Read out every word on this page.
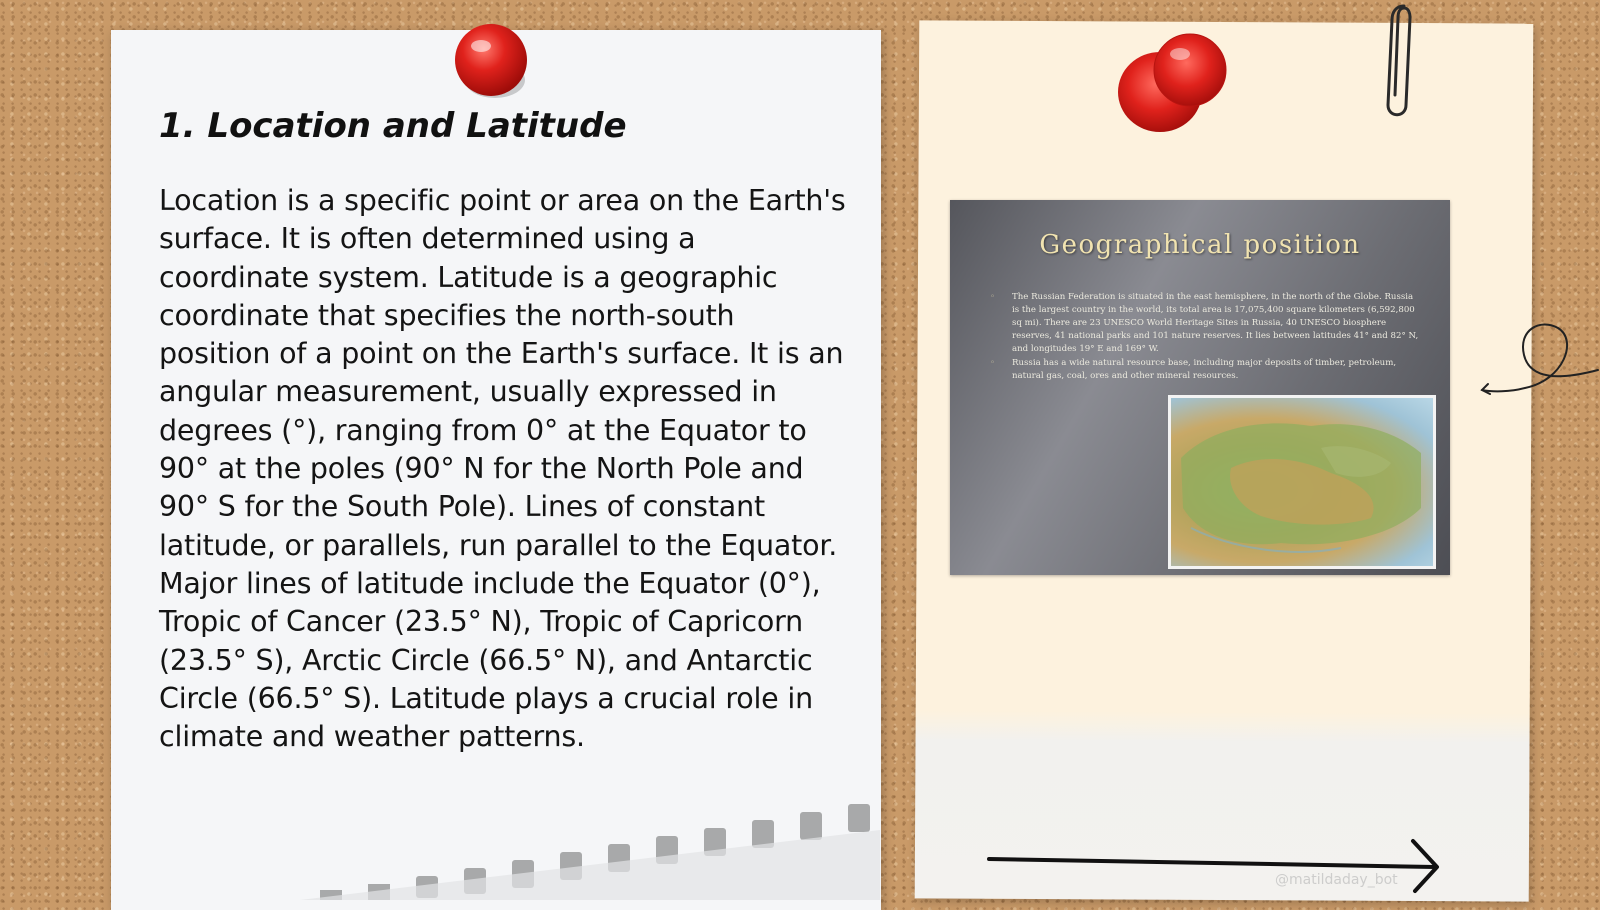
1. Location and Latitude

Location is a specific point or area on the Earth's surface. It is often determined using a coordinate system. Latitude is a geographic coordinate that specifies the north-south position of a point on the Earth's surface. It is an angular measurement, usually expressed in degrees (°), ranging from 0° at the Equator to 90° at the poles (90° N for the North Pole and 90° S for the South Pole). Lines of constant latitude, or parallels, run parallel to the Equator. Major lines of latitude include the Equator (0°), Tropic of Cancer (23.5° N), Tropic of Capricorn (23.5° S), Arctic Circle (66.5° N), and Antarctic Circle (66.5° S). Latitude plays a crucial role in climate and weather patterns.

Geographical position
◦ The Russian Federation is situated in the east hemisphere, in the north of the Globe. Russia is the largest country in the world, its total area is 17,075,400 square kilometers (6,592,800 sq mi). There are 23 UNESCO World Heritage Sites in Russia, 40 UNESCO biosphere reserves, 41 national parks and 101 nature reserves. It lies between latitudes 41° and 82° N, and longitudes 19° E and 169° W.
◦ Russia has a wide natural resource base, including major deposits of timber, petroleum, natural gas, coal, ores and other mineral resources.
@matildaday_bot
